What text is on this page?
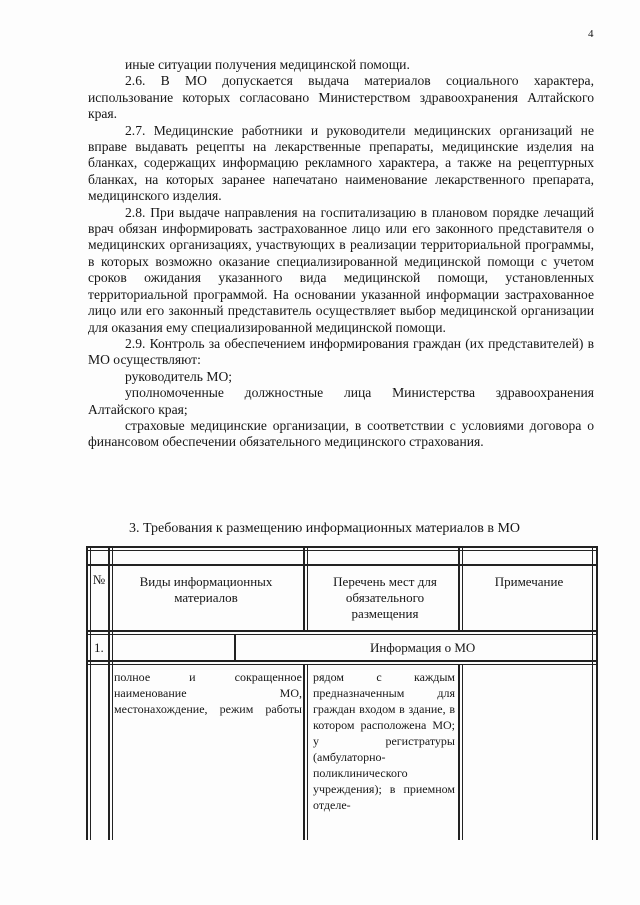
4

иные ситуации получения медицинской помощи.

2.6. В МО допускается выдача материалов социального характера, использование которых согласовано Министерством здравоохранения Алтайского края.

2.7. Медицинские работники и руководители медицинских организаций не вправе выдавать рецепты на лекарственные препараты, медицинские изделия на бланках, содержащих информацию рекламного характера, а также на рецептурных бланках, на которых заранее напечатано наименование лекарственного препарата, медицинского изделия.

2.8. При выдаче направления на госпитализацию в плановом порядке лечащий врач обязан информировать застрахованное лицо или его законного представителя о медицинских организациях, участвующих в реализации территориальной программы, в которых возможно оказание специализированной медицинской помощи с учетом сроков ожидания указанного вида медицинской помощи, установленных территориальной программой. На основании указанной информации застрахованное лицо или его законный представитель осуществляет выбор медицинской организации для оказания ему специализированной медицинской помощи.

2.9. Контроль за обеспечением информирования граждан (их представителей) в МО осуществляют:

руководитель МО;

уполномоченные должностные лица Министерства здравоохранения Алтайского края;

страховые медицинские организации, в соответствии с условиями договора о финансовом обеспечении обязательного медицинского страхования.

3. Требования к размещению информационных материалов в МО
№	Виды информационных материалов
Перечень мест для обязательного размещения
Примечание
1.	Информация о МО
полное и сокращенное наименование МО, местонахождение, режим работы
рядом с каждым предназначенным для граждан входом в здание, в котором расположена МО; у регистратуры (амбулаторно-поликлинического учреждения); в приемном отделе-
